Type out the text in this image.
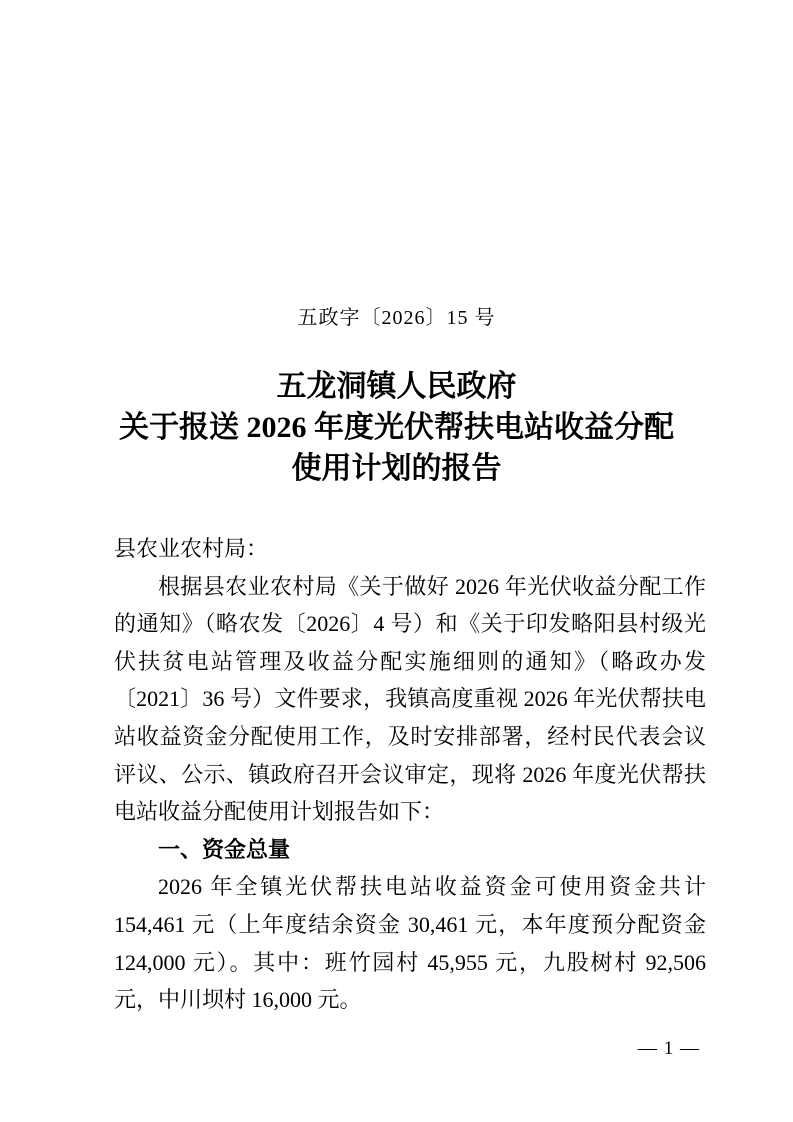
五政字〔2026〕15 号
五龙洞镇人民政府
关于报送 2026 年度光伏帮扶电站收益分配
使用计划的报告

县农业农村局：

根据县农业农村局《关于做好 2026 年光伏收益分配工作的通知》（略农发〔2026〕4 号）和《关于印发略阳县村级光伏扶贫电站管理及收益分配实施细则的通知》（略政办发〔2021〕36 号）文件要求，我镇高度重视 2026 年光伏帮扶电站收益资金分配使用工作，及时安排部署，经村民代表会议评议、公示、镇政府召开会议审定，现将 2026 年度光伏帮扶电站收益分配使用计划报告如下：

一、资金总量

2026 年全镇光伏帮扶电站收益资金可使用资金共计 154,461 元（上年度结余资金 30,461 元，本年度预分配资金 124,000 元）。其中：班竹园村 45,955 元，九股树村 92,506 元，中川坝村 16,000 元。

— 1 —
